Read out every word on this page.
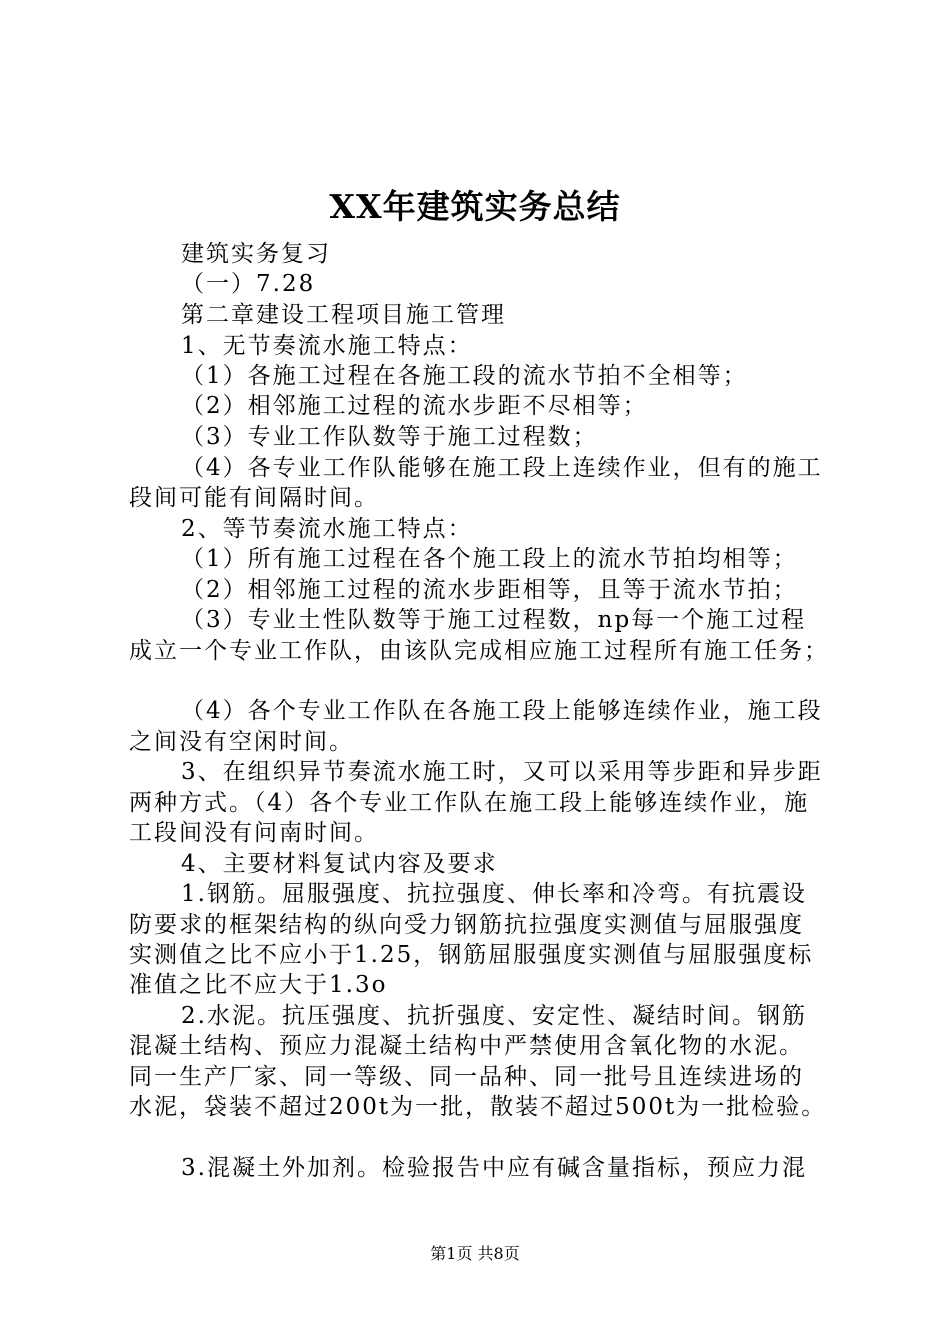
XX年建筑实务总结
建筑实务复习
（一）7.28
第二章建设工程项目施工管理
1、无节奏流水施工特点：
（1）各施工过程在各施工段的流水节拍不全相等；
（2）相邻施工过程的流水步距不尽相等；
（3）专业工作队数等于施工过程数；
（4）各专业工作队能够在施工段上连续作业，但有的施工
段间可能有间隔时间。
2、等节奏流水施工特点：
（1）所有施工过程在各个施工段上的流水节拍均相等；
（2）相邻施工过程的流水步距相等，且等于流水节拍；
（3）专业土性队数等于施工过程数，np每一个施工过程
成立一个专业工作队，由该队完成相应施工过程所有施工任务；
（4）各个专业工作队在各施工段上能够连续作业，施工段
之间没有空闲时间。
3、在组织异节奏流水施工时，又可以采用等步距和异步距
两种方式。（4）各个专业工作队在施工段上能够连续作业，施
工段间没有问南时间。
4、主要材料复试内容及要求
1.钢筋。屈服强度、抗拉强度、伸长率和冷弯。有抗震设
防要求的框架结构的纵向受力钢筋抗拉强度实测值与屈服强度
实测值之比不应小于1.25，钢筋屈服强度实测值与屈服强度标
准值之比不应大于1.3o
2.水泥。抗压强度、抗折强度、安定性、凝结时间。钢筋
混凝土结构、预应力混凝土结构中严禁使用含氧化物的水泥。
同一生产厂家、同一等级、同一品种、同一批号且连续进场的
水泥，袋装不超过200t为一批，散装不超过500t为一批检验。
3.混凝土外加剂。检验报告中应有碱含量指标，预应力混
第1页 共8页
